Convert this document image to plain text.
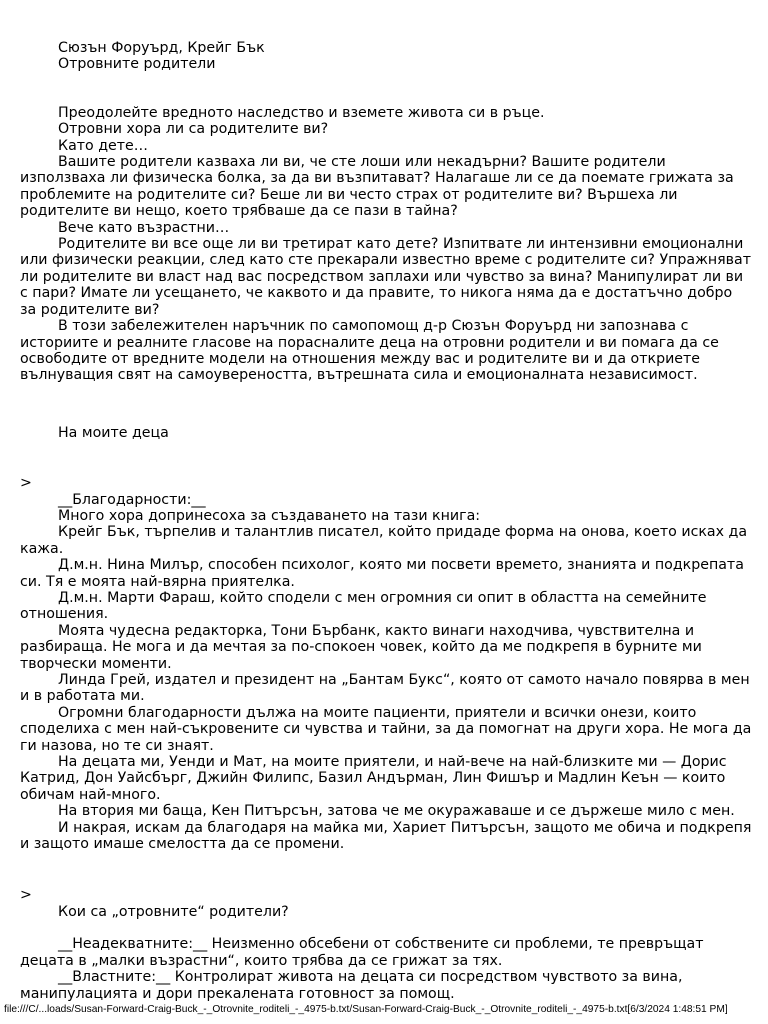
Сюзън Форуърд, Крейг Бък

Отровните родители

Преодолейте вредното наследство и вземете живота си в ръце.

Отровни хора ли са родителите ви?

Като дете…

Вашите родители казваха ли ви, че сте лоши или некадърни? Вашите родители използваха ли физическа болка, за да ви възпитават? Налагаше ли се да поемате грижата за проблемите на родителите си? Беше ли ви често страх от родителите ви? Вършеха ли родителите ви нещо, което трябваше да се пази в тайна?

Вече като възрастни…

Родителите ви все още ли ви третират като дете? Изпитвате ли интензивни емоционални или физически реакции, след като сте прекарали известно време с родителите си? Упражняват ли родителите ви власт над вас посредством заплахи или чувство за вина? Манипулират ли ви с пари? Имате ли усещането, че каквото и да правите, то никога няма да е достатъчно добро за родителите ви?

В този забележителен наръчник по самопомощ д-р Сюзън Форуърд ни запознава с историите и реалните гласове на порасналите деца на отровни родители и ви помага да се освободите от вредните модели на отношения между вас и родителите ви и да откриете вълнуващия свят на самоувереността, вътрешната сила и емоционалната независимост.

На моите деца

>

__Благодарности:__

Много хора допринесоха за създаването на тази книга:

Крейг Бък, търпелив и талантлив писател, който придаде форма на онова, което исках да кажа.

Д.м.н. Нина Милър, способен психолог, която ми посвети времето, знанията и подкрепата си. Тя е моята най-вярна приятелка.

Д.м.н. Марти Фараш, който сподели с мен огромния си опит в областта на семейните отношения.

Моята чудесна редакторка, Тони Бърбанк, както винаги находчива, чувствителна и разбираща. Не мога и да мечтая за по-спокоен човек, който да ме подкрепя в бурните ми творчески моменти.

Линда Грей, издател и президент на „Бантам Букс“, която от самото начало повярва в мен и в работата ми.

Огромни благодарности дължа на моите пациенти, приятели и всички онези, които споделиха с мен най-съкровените си чувства и тайни, за да помогнат на други хора. Не мога да ги назова, но те си знаят.

На децата ми, Уенди и Мат, на моите приятели, и най-вече на най-близките ми — Дорис Катрид, Дон Уайсбърг, Джийн Филипс, Базил Андърман, Лин Фишър и Мадлин Кеън — които обичам най-много.

На втория ми баща, Кен Питърсън, затова че ме окуражаваше и се държеше мило с мен.

И накрая, искам да благодаря на майка ми, Хариет Питърсън, защото ме обича и подкрепя и защото имаше смелостта да се промени.

>

Кои са „отровните“ родители?

__Неадекватните:__ Неизменно обсебени от собствените си проблеми, те превръщат децата в „малки възрастни“, които трябва да се грижат за тях.

__Властните:__ Контролират живота на децата си посредством чувството за вина, манипулацията и дори прекалената готовност за помощ.

file:///C/...loads/Susan-Forward-Craig-Buck_-_Otrovnite_roditeli_-_4975-b.txt/Susan-Forward-Craig-Buck_-_Otrovnite_roditeli_-_4975-b.txt[6/3/2024 1:48:51 PM]
